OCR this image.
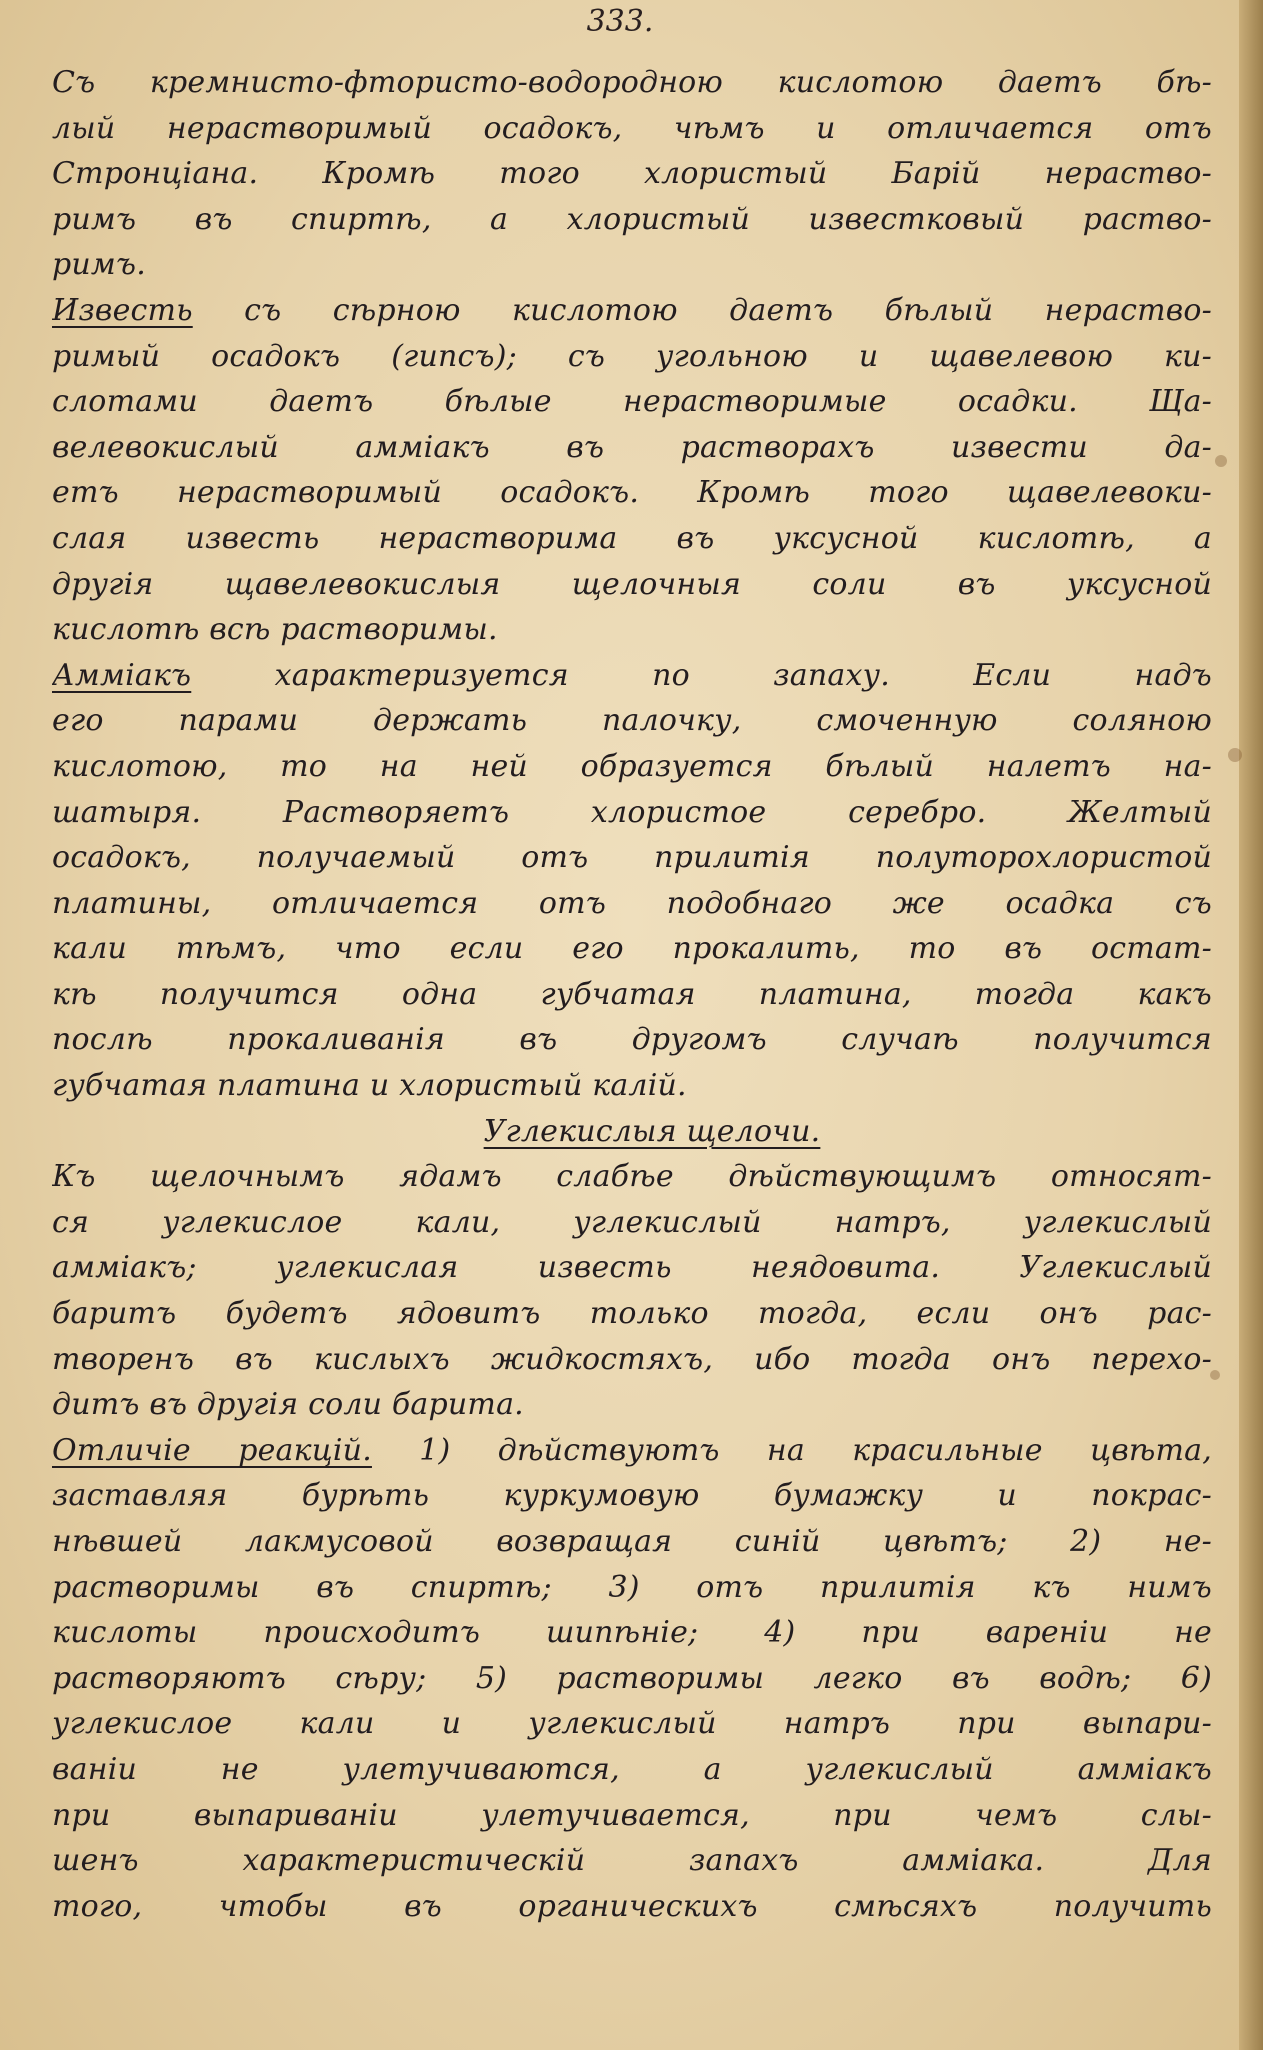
333.
Съ кремнисто-фтористо-водородною кислотою даетъ бѣ-
лый нерастворимый осадокъ, чѣмъ и отличается отъ
Стронціана. Кромѣ того хлористый Барій нераство-
римъ въ спиртѣ, а хлористый известковый раство-
римъ.
Известь съ сѣрною кислотою даетъ бѣлый нераство-
римый осадокъ (гипсъ); съ угольною и щавелевою ки-
слотами даетъ бѣлые нерастворимые осадки. Ща-
велевокислый аммiакъ въ растворахъ извести да-
етъ нерастворимый осадокъ. Кромѣ того щавелевоки-
слая известь нерастворима въ уксусной кислотѣ, а
другія щавелевокислыя щелочныя соли въ уксусной
кислотѣ всѣ растворимы.
Аммiакъ характеризуется по запаху. Если надъ
его парами держать палочку, смоченную соляною
кислотою, то на ней образуется бѣлый налетъ на-
шатыря. Растворяетъ хлористое серебро. Желтый
осадокъ, получаемый отъ прилитія полуторохлористой
платины, отличается отъ подобнаго же осадка съ
кали тѣмъ, что если его прокалить, то въ остат-
кѣ получится одна губчатая платина, тогда какъ
послѣ прокаливанія въ другомъ случаѣ получится
губчатая платина и хлористый калій.
Углекислыя щелочи.
Къ щелочнымъ ядамъ слабѣе дѣйствующимъ относят-
ся углекислое кали, углекислый натръ, углекислый
аммiакъ; углекислая известь неядовита. Углекислый
баритъ будетъ ядовитъ только тогда, если онъ рас-
творенъ въ кислыхъ жидкостяхъ, ибо тогда онъ перехо-
дитъ въ другія соли барита.
Отличіе реакцій. 1) дѣйствуютъ на красильные цвѣта,
заставляя бурѣть куркумовую бумажку и покрас-
нѣвшей лакмусовой возвращая синій цвѣтъ; 2) не-
растворимы въ спиртѣ; 3) отъ прилитія къ нимъ
кислоты происходитъ шипѣніе; 4) при вареніи не
растворяютъ сѣру; 5) растворимы легко въ водѣ; 6)
углекислое кали и углекислый натръ при выпари-
ваніи не улетучиваются, а углекислый аммiакъ
при выпариваніи улетучивается, при чемъ слы-
шенъ характеристическій запахъ аммiака. Для
того, чтобы въ органическихъ смѣсяхъ получить
